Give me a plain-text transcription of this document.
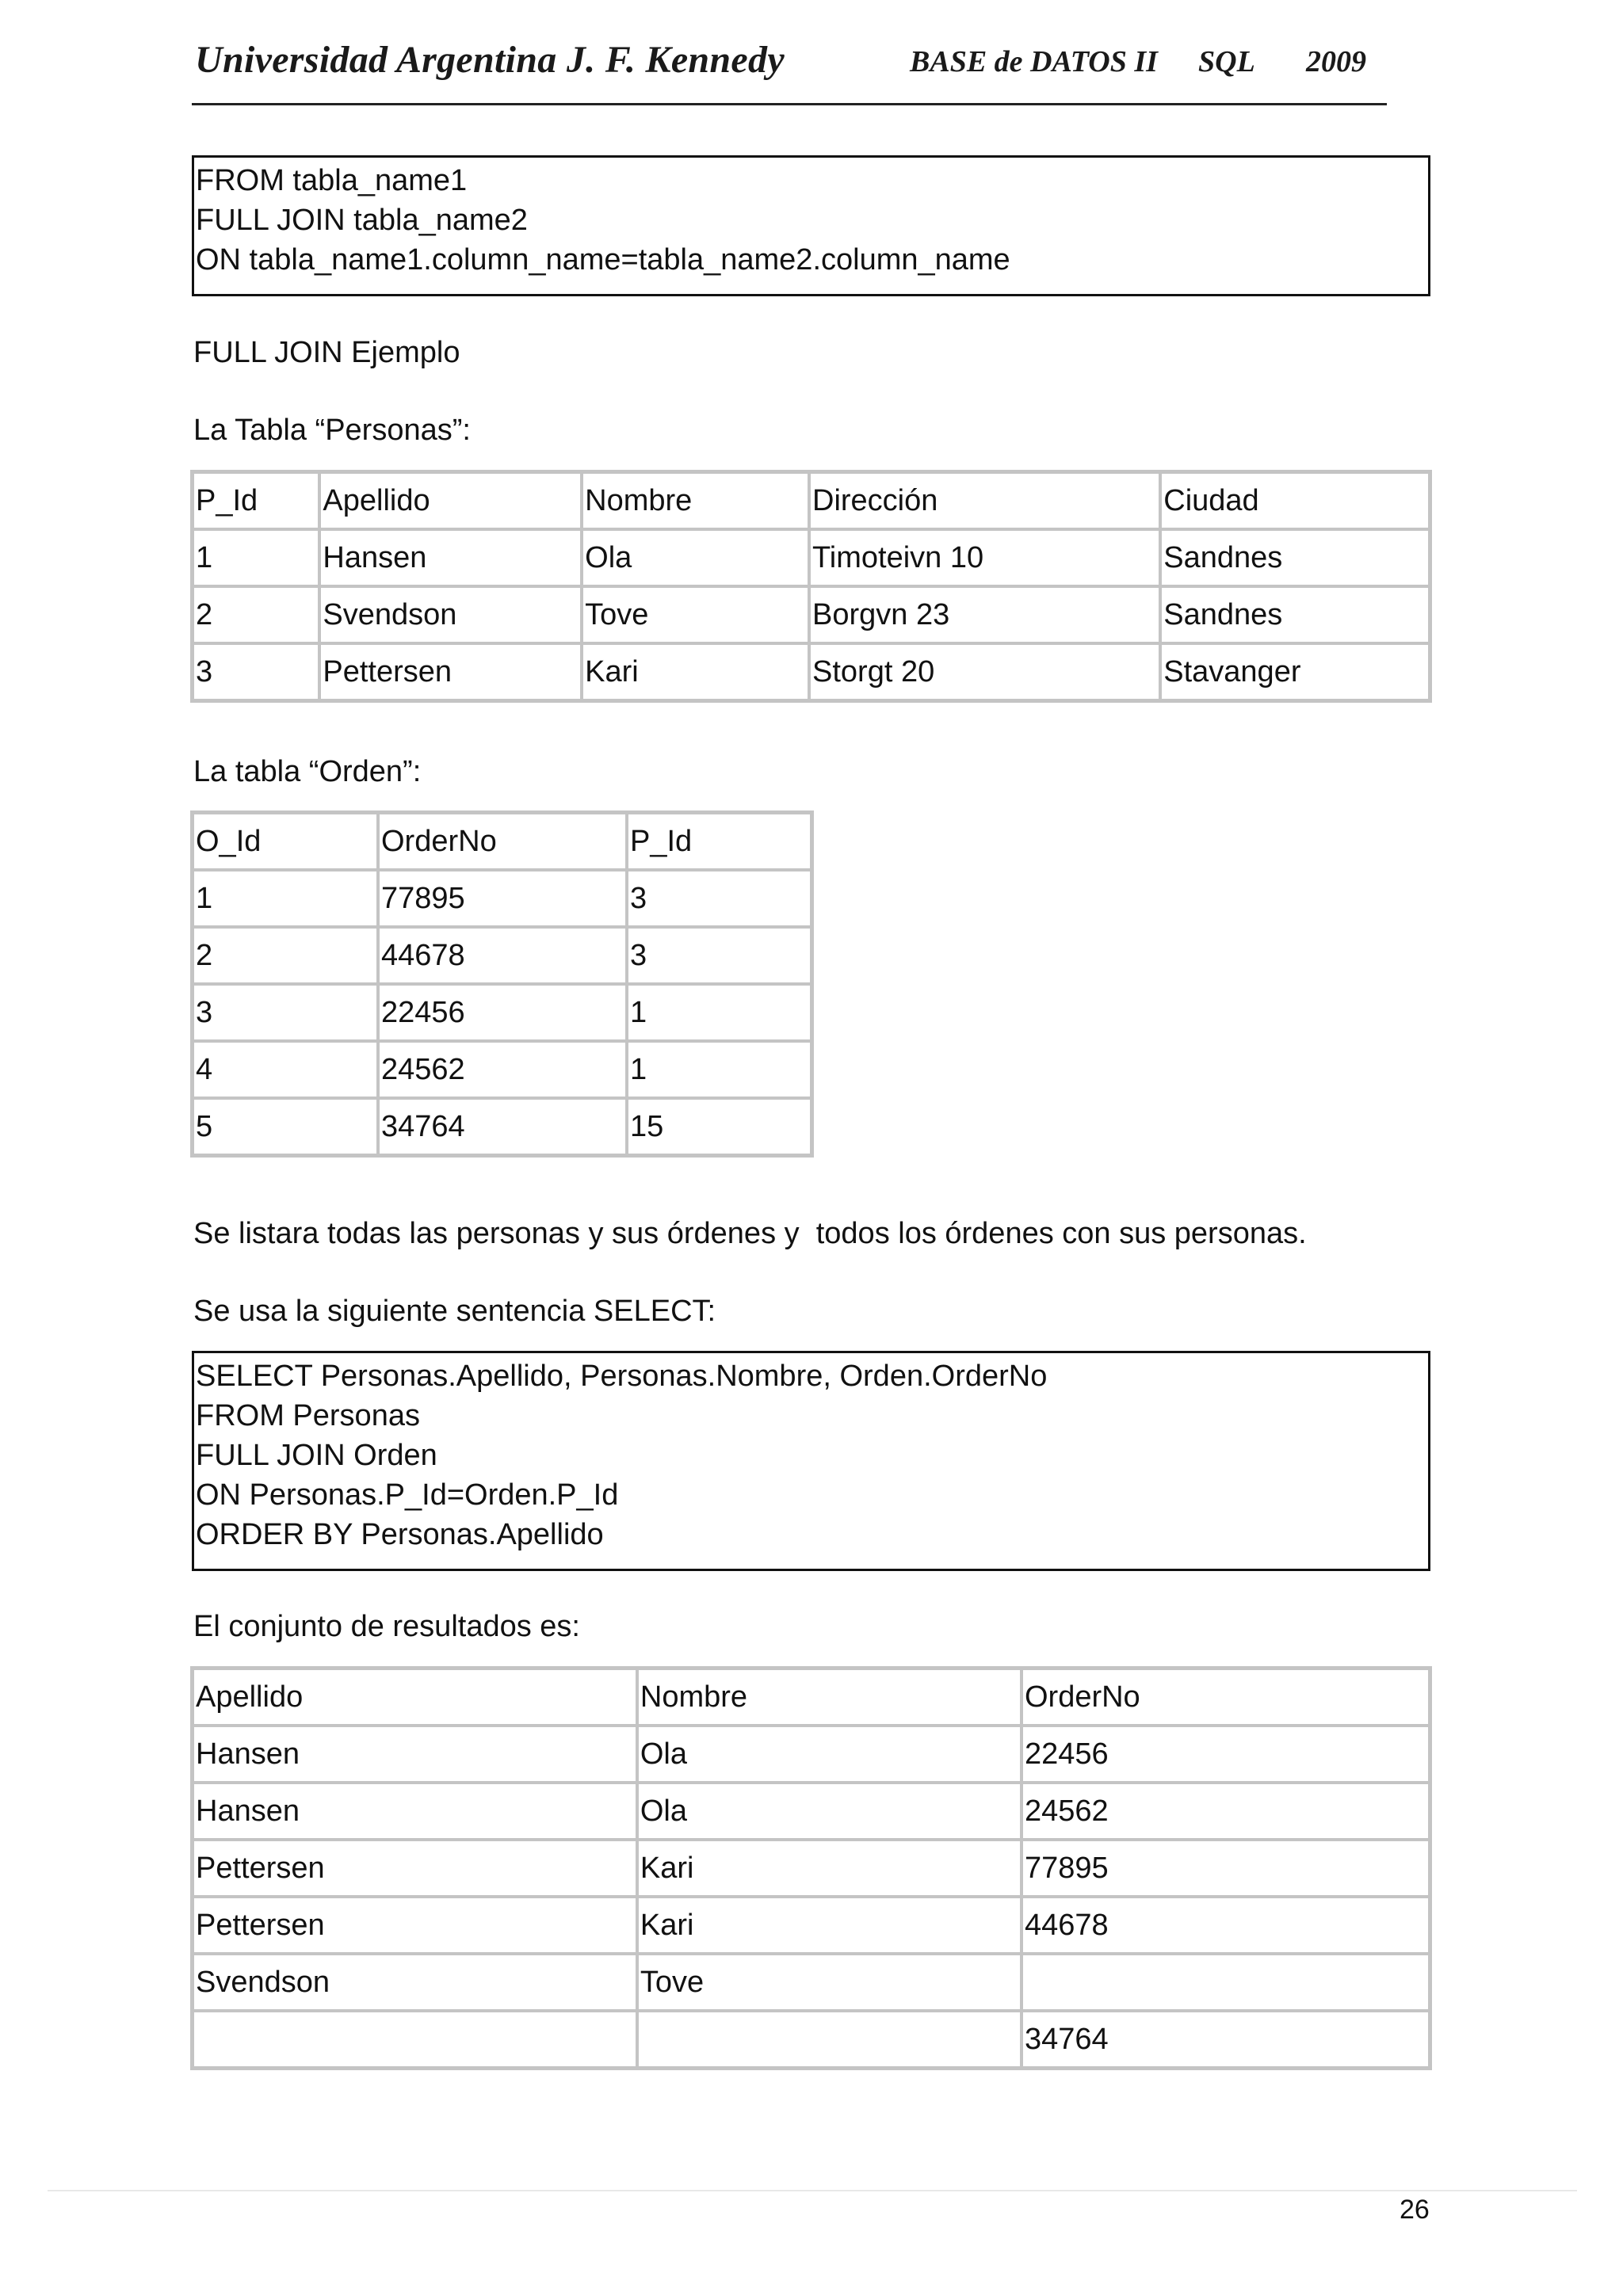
Universidad Argentina J. F. Kennedy	BASE de DATOS II SQL 2009
FROM tabla_name1
FULL JOIN tabla_name2
ON tabla_name1.column_name=tabla_name2.column_name
FULL JOIN Ejemplo
La Tabla “Personas”:
P_Id	Apellido	Nombre	Dirección	Ciudad
1	Hansen	Ola	Timoteivn 10	Sandnes
2	Svendson	Tove	Borgvn 23	Sandnes
3	Pettersen	Kari	Storgt 20	Stavanger
La tabla “Orden”:
O_Id	OrderNo	P_Id
1	77895	3
2	44678	3
3	22456	1
4	24562	1
5	34764	15
Se listara todas las personas y sus órdenes y  todos los órdenes con sus personas.
Se usa la siguiente sentencia SELECT:
SELECT Personas.Apellido, Personas.Nombre, Orden.OrderNo
FROM Personas
FULL JOIN Orden
ON Personas.P_Id=Orden.P_Id
ORDER BY Personas.Apellido
El conjunto de resultados es:
Apellido	Nombre	OrderNo
Hansen	Ola	22456
Hansen	Ola	24562
Pettersen	Kari	77895
Pettersen	Kari	44678
Svendson	Tove	
		34764
26
